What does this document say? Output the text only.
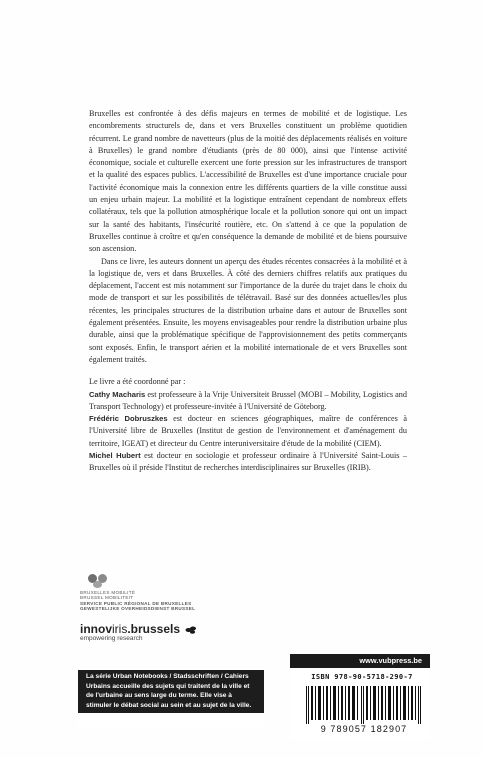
Bruxelles est confrontée à des défis majeurs en termes de mobilité et de logistique. Les encombrements structurels de, dans et vers Bruxelles constituent un problème quotidien récurrent. Le grand nombre de navetteurs (plus de la moitié des déplacements réalisés en voiture à Bruxelles) le grand nombre d'étudiants (près de 80 000), ainsi que l'intense activité économique, sociale et culturelle exercent une forte pression sur les infrastructures de transport et la qualité des espaces publics. L'accessibilité de Bruxelles est d'une importance cruciale pour l'activité économique mais la connexion entre les différents quartiers de la ville constitue aussi un enjeu urbain majeur. La mobilité et la logistique entraînent cependant de nombreux effets collatéraux, tels que la pollution atmosphérique locale et la pollution sonore qui ont un impact sur la santé des habitants, l'insécurité routière, etc. On s'attend à ce que la population de Bruxelles continue à croître et qu'en conséquence la demande de mobilité et de biens poursuive son ascension.

Dans ce livre, les auteurs donnent un aperçu des études récentes consacrées à la mobilité et à la logistique de, vers et dans Bruxelles. À côté des derniers chiffres relatifs aux pratiques du déplacement, l'accent est mis notamment sur l'importance de la durée du trajet dans le choix du mode de transport et sur les possibilités de télétravail. Basé sur des données actuelles/les plus récentes, les principales structures de la distribution urbaine dans et autour de Bruxelles sont également présentées. Ensuite, les moyens envisageables pour rendre la distribution urbaine plus durable, ainsi que la problématique spécifique de l'approvisionnement des petits commerçants sont exposés. Enfin, le transport aérien et la mobilité internationale de et vers Bruxelles sont également traités.

Le livre a été coordonné par :

Cathy Macharis est professeure à la Vrije Universiteit Brussel (MOBI – Mobility, Logistics and Transport Technology) et professeure-invitée à l'Université de Göteborg.

Frédéric Dobruszkes est docteur en sciences géographiques, maître de conférences à l'Université libre de Bruxelles (Institut de gestion de l'environnement et d'aménagement du territoire, IGEAT) et directeur du Centre interuniversitaire d'étude de la mobilité (CIEM).

Michel Hubert est docteur en sociologie et professeur ordinaire à l'Université Saint-Louis – Bruxelles où il préside l'Institut de recherches interdisciplinaires sur Bruxelles (IRIB).

BRUXELLES MOBILITÉ
BRUSSEL MOBILITEIT
SERVICE PUBLIC RÉGIONAL DE BRUXELLES
GEWESTELIJKE OVERHEIDSDIENST BRUSSEL
innoviris.brussels
empowering research
La série Urban Notebooks / Stadsschriften / Cahiers Urbains accueille des sujets qui traitent de la ville et de l'urbaine au sens large du terme. Elle vise à stimuler le débat social au sein et au sujet de la ville.
www.vubpress.be
ISBN 978-90-5718-290-7
9 789057 182907
